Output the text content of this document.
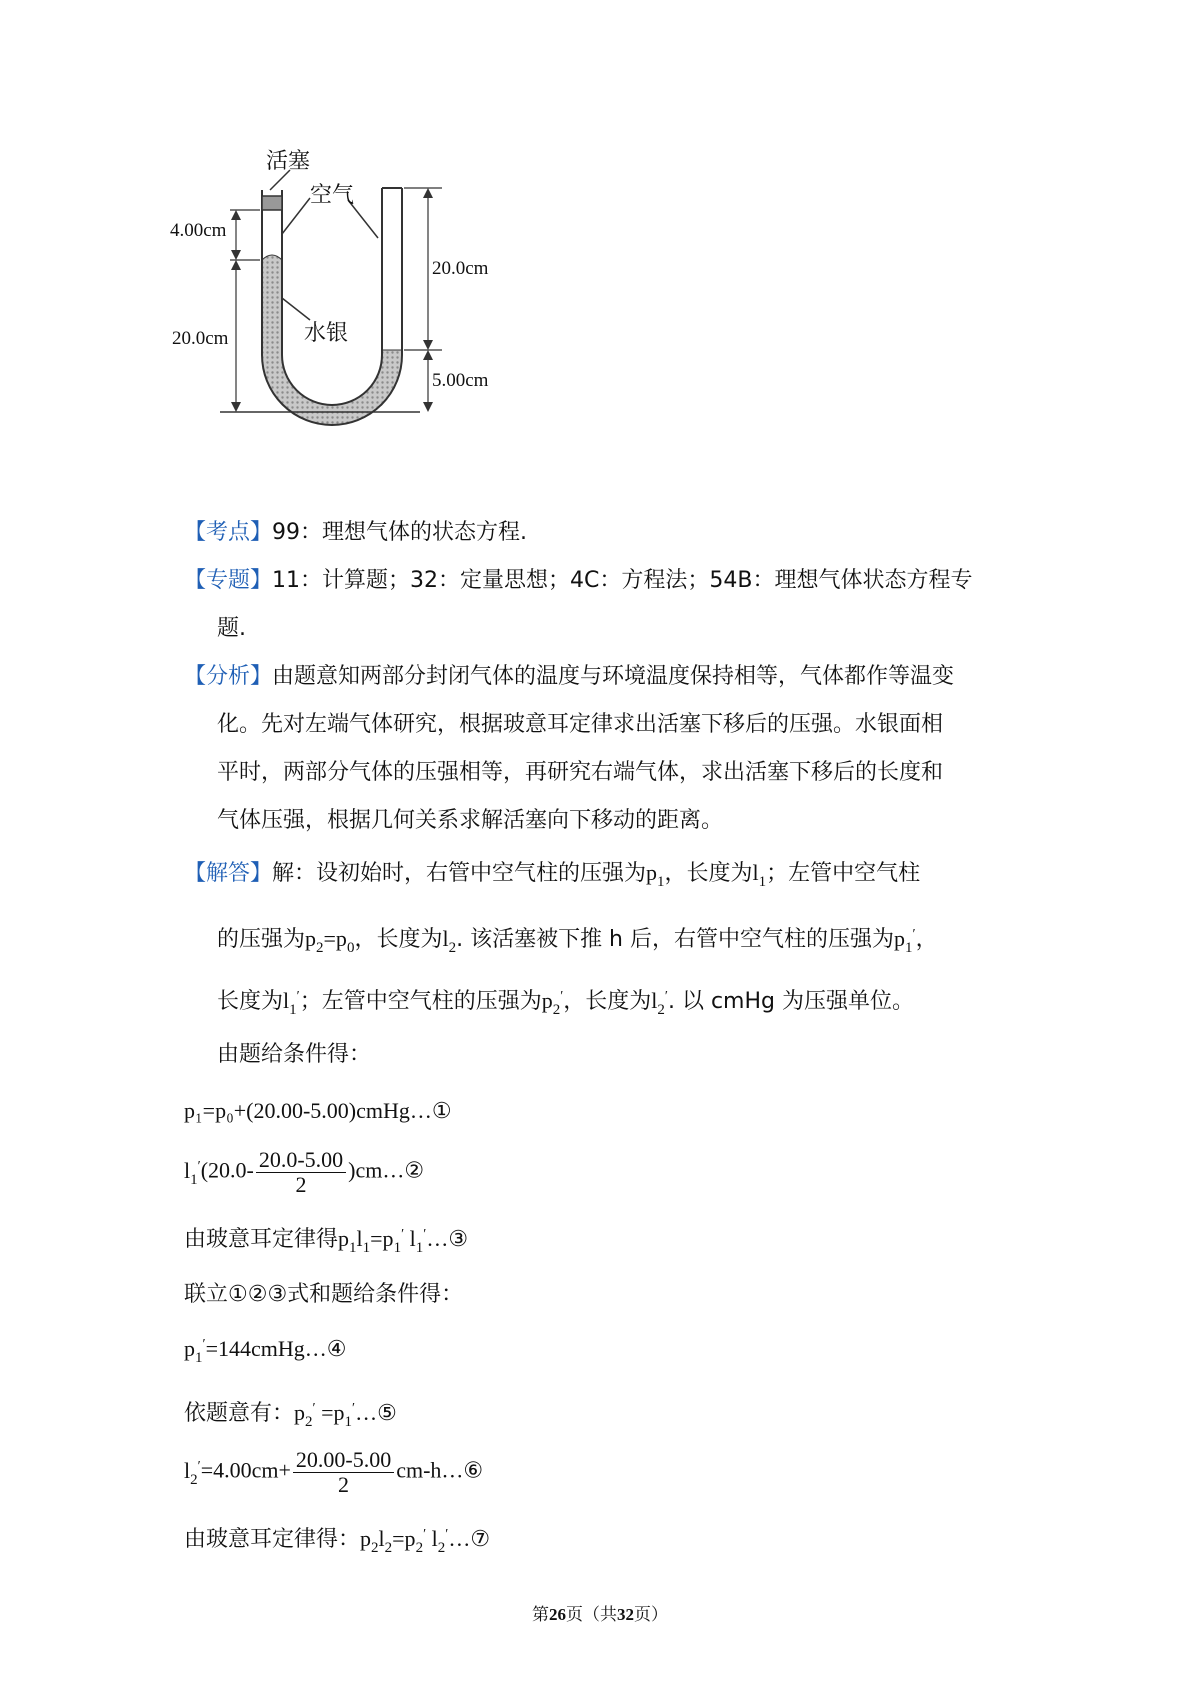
活塞
空气
水银
4.00cm
20.0cm
20.0cm
5.00cm
【考点】99：理想气体的状态方程.
【专题】11：计算题；32：定量思想；4C：方程法；54B：理想气体状态方程专
题.
【分析】由题意知两部分封闭气体的温度与环境温度保持相等，气体都作等温变
化。先对左端气体研究，根据玻意耳定律求出活塞下移后的压强。水银面相
平时，两部分气体的压强相等，再研究右端气体，求出活塞下移后的长度和
气体压强，根据几何关系求解活塞向下移动的距离。
【解答】解：设初始时，右管中空气柱的压强为$p_1$，长度为$l_1$；左管中空气柱
的压强为$p_2=p_0$，长度为$l_2$. 该活塞被下推 h 后，右管中空气柱的压强为$p_1'$，
长度为$l_1'$；左管中空气柱的压强为$p_2'$，长度为$l_2'$. 以 cmHg 为压强单位。
由题给条件得：
p₁=p₀+(20.00-5.00)cmHg…①
$l_1'(20.0- \frac{20.0-5.00}{2}$ )cm…②
由玻意耳定律得$p_1l_1=p_1'$ $l_1'\dots ③$
联立①②③式和题给条件得：
$p_1'=144cmHg\dots ④$
依题意有：$p_2'$ $=p_1'\dots ⑤$
$l_2'=4.00cm+ \frac{20.00-5.00}{2}$ cm-h…⑥
由玻意耳定律得：$p_2l_2=p_2'$ $l_2'\dots ⑦$
第26页（共32页）
